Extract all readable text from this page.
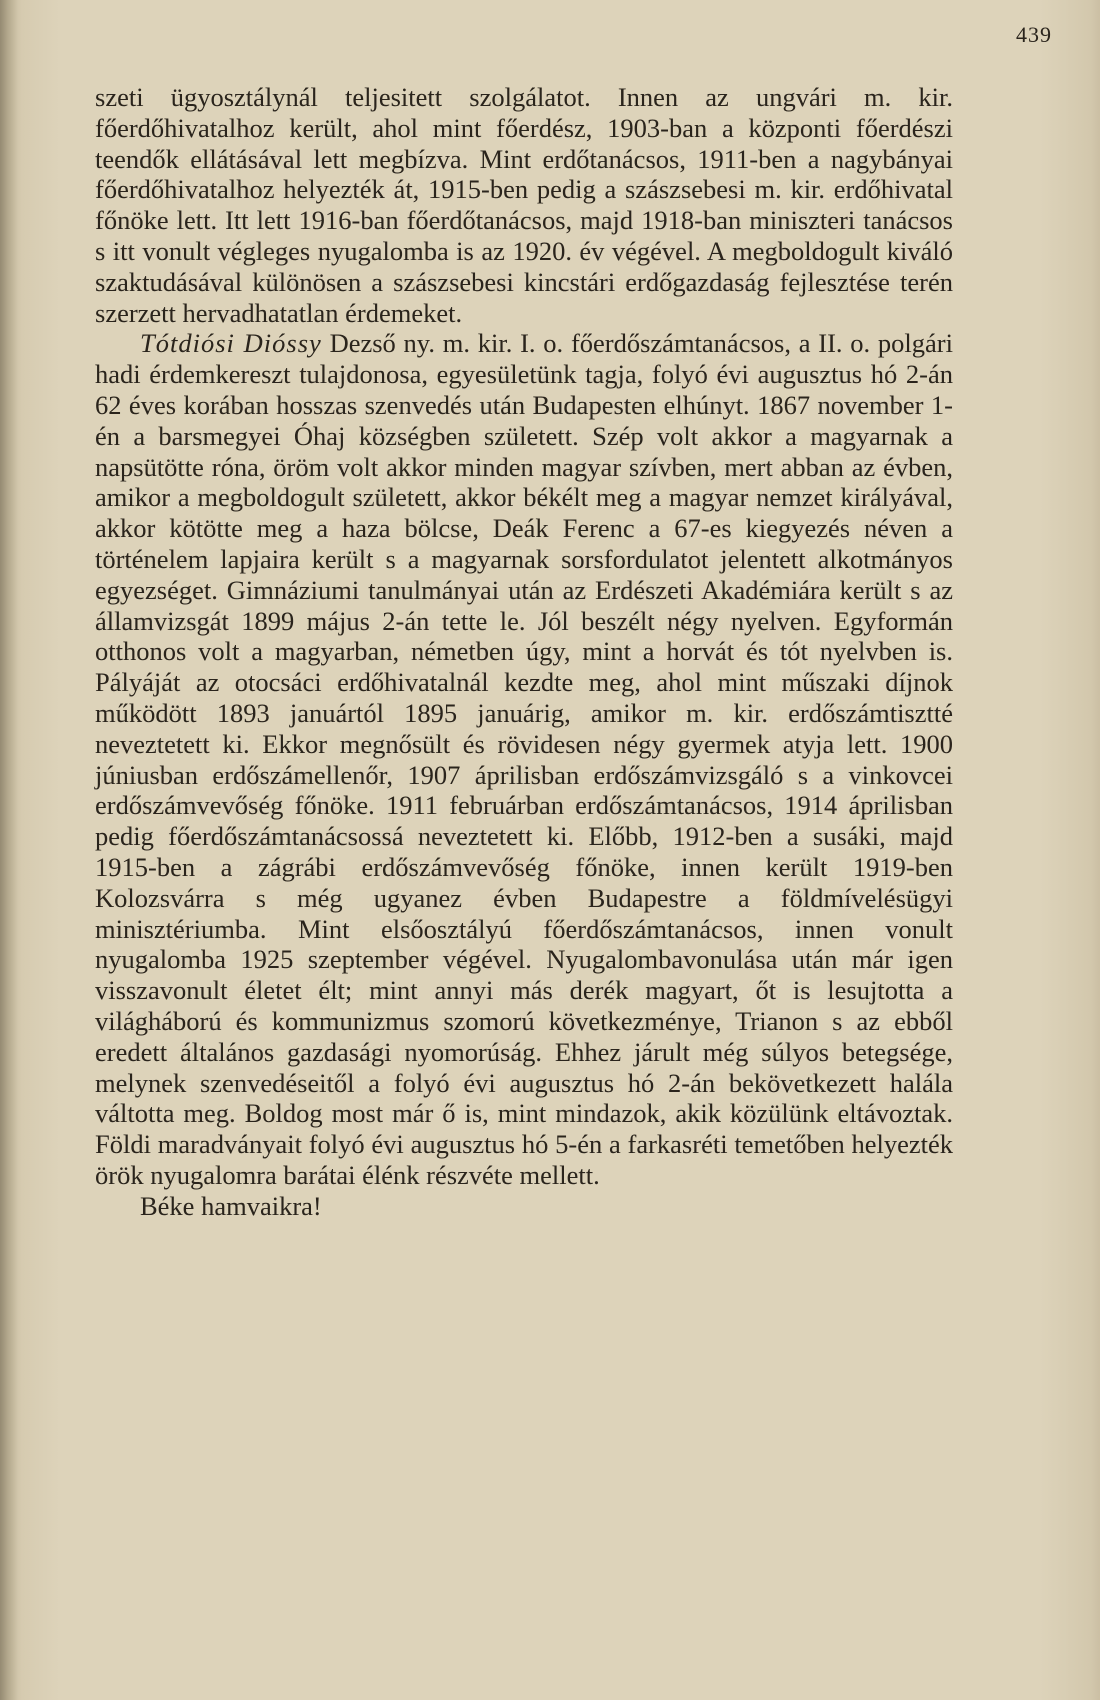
439

szeti ügyosztálynál teljesitett szolgálatot. Innen az ungvári m. kir. főerdőhivatalhoz került, ahol mint főerdész, 1903-ban a központi főerdészi teendők ellátásával lett megbízva. Mint erdőtanácsos, 1911-ben a nagybányai főerdőhivatalhoz helyezték át, 1915-ben pedig a szászsebesi m. kir. erdőhivatal főnöke lett. Itt lett 1916-ban főerdőtanácsos, majd 1918-ban miniszteri tanácsos s itt vonult végleges nyugalomba is az 1920. év végével. A megboldogult kiváló szaktudásával különösen a szászsebesi kincstári erdőgazdaság fejlesztése terén szerzett hervadhatatlan érdemeket.

Tótdiósi Dióssy Dezső ny. m. kir. I. o. főerdőszámtanácsos, a II. o. polgári hadi érdemkereszt tulajdonosa, egyesületünk tagja, folyó évi augusztus hó 2-án 62 éves korában hosszas szenvedés után Budapesten elhúnyt. 1867 november 1-én a barsmegyei Óhaj községben született. Szép volt akkor a magyarnak a napsütötte róna, öröm volt akkor minden magyar szívben, mert abban az évben, amikor a megboldogult született, akkor békélt meg a magyar nemzet királyával, akkor kötötte meg a haza bölcse, Deák Ferenc a 67-es kiegyezés néven a történelem lapjaira került s a magyarnak sorsfordulatot jelentett alkotmányos egyezséget. Gimnáziumi tanulmányai után az Erdészeti Akadémiára került s az államvizsgát 1899 május 2-án tette le. Jól beszélt négy nyelven. Egyformán otthonos volt a magyarban, németben úgy, mint a horvát és tót nyelvben is. Pályáját az otocsáci erdőhivatalnál kezdte meg, ahol mint műszaki díjnok működött 1893 januártól 1895 januárig, amikor m. kir. erdőszámtisztté neveztetett ki. Ekkor megnősült és rövidesen négy gyermek atyja lett. 1900 júniusban erdőszámellenőr, 1907 áprilisban erdőszámvizsgáló s a vinkovcei erdőszámvevőség főnöke. 1911 februárban erdőszámtanácsos, 1914 áprilisban pedig főerdőszámtanácsossá neveztetett ki. Előbb, 1912-ben a susáki, majd 1915-ben a zágrábi erdőszámvevőség főnöke, innen került 1919-ben Kolozsvárra s még ugyanez évben Budapestre a földmívelésügyi minisztériumba. Mint elsőosztályú főerdőszámtanácsos, innen vonult nyugalomba 1925 szeptember végével. Nyugalombavonulása után már igen visszavonult életet élt; mint annyi más derék magyart, őt is lesujtotta a világháború és kommunizmus szomorú következménye, Trianon s az ebből eredett általános gazdasági nyomorúság. Ehhez járult még súlyos betegsége, melynek szenvedéseitől a folyó évi augusztus hó 2-án bekövetkezett halála váltotta meg. Boldog most már ő is, mint mindazok, akik közülünk eltávoztak. Földi maradványait folyó évi augusztus hó 5-én a farkasréti temetőben helyezték örök nyugalomra barátai élénk részvéte mellett.

Béke hamvaikra!
